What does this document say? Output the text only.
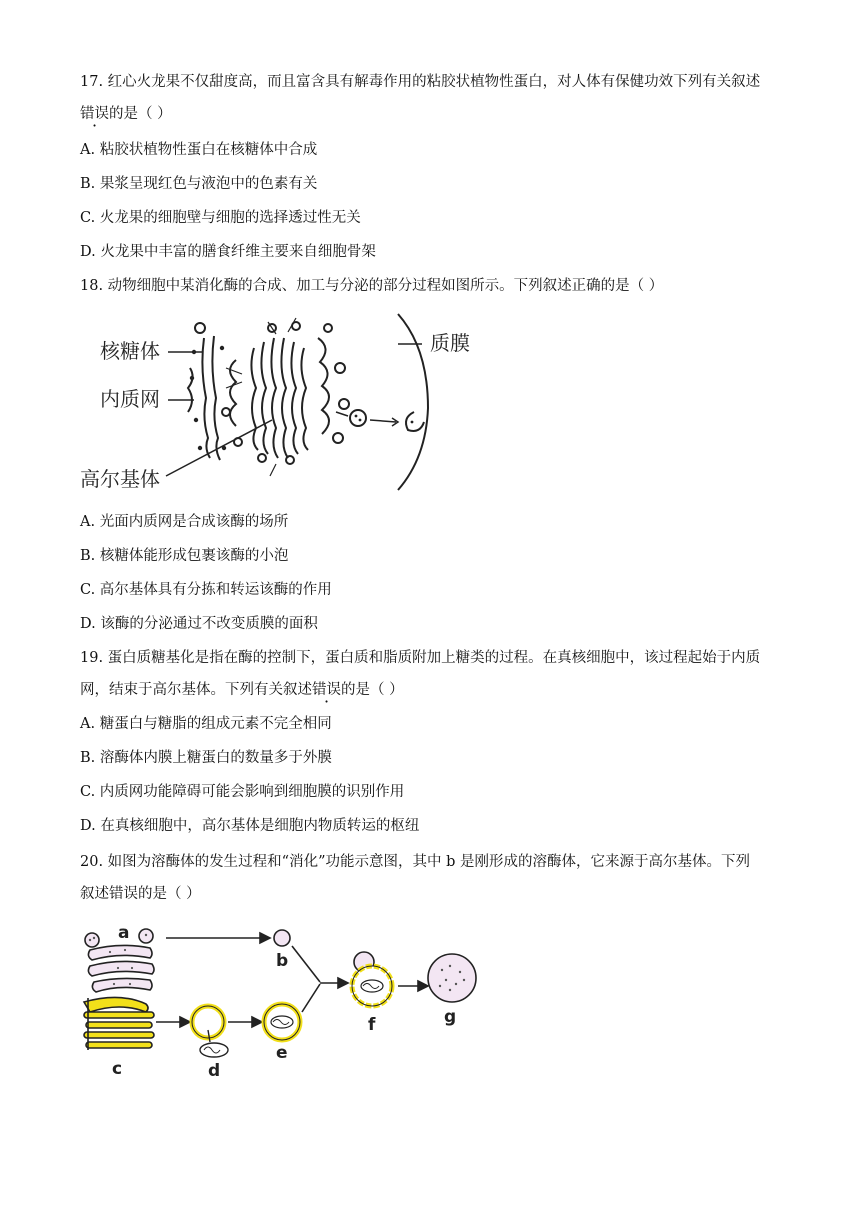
17. 红心火龙果不仅甜度高，而且富含具有解毒作用的粘胶状植物性蛋白，对人体有保健功效下列有关叙述
错误的是（ ）
A. 粘胶状植物性蛋白在核糖体中合成
B. 果浆呈现红色与液泡中的色素有关
C. 火龙果的细胞壁与细胞的选择透过性无关
D. 火龙果中丰富的膳食纤维主要来自细胞骨架
18. 动物细胞中某消化酶的合成、加工与分泌的部分过程如图所示。下列叙述正确的是（ ）
核糖体
内质网
高尔基体
质膜
A. 光面内质网是合成该酶的场所
B. 核糖体能形成包裹该酶的小泡
C. 高尔基体具有分拣和转运该酶的作用
D. 该酶的分泌通过不改变质膜的面积
19. 蛋白质糖基化是指在酶的控制下，蛋白质和脂质附加上糖类的过程。在真核细胞中，该过程起始于内质
网，结束于高尔基体。下列有关叙述错误的是（ ）
A. 糖蛋白与糖脂的组成元素不完全相同
B. 溶酶体内膜上糖蛋白的数量多于外膜
C. 内质网功能障碍可能会影响到细胞膜的识别作用
D. 在真核细胞中，高尔基体是细胞内物质转运的枢纽
20. 如图为溶酶体的发生过程和“消化”功能示意图，其中 b 是刚形成的溶酶体，它来源于高尔基体。下列
叙述错误的是（ ）
a
b
c	d
e
f	g
